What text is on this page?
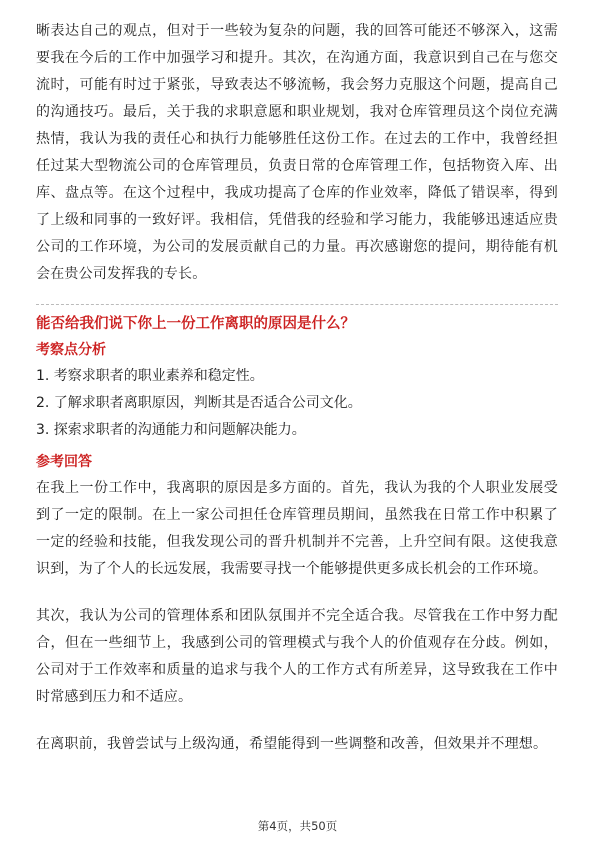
晰表达自己的观点，但对于一些较为复杂的问题，我的回答可能还不够深入，这需要我在今后的工作中加强学习和提升。其次，在沟通方面，我意识到自己在与您交流时，可能有时过于紧张，导致表达不够流畅，我会努力克服这个问题，提高自己的沟通技巧。最后，关于我的求职意愿和职业规划，我对仓库管理员这个岗位充满热情，我认为我的责任心和执行力能够胜任这份工作。在过去的工作中，我曾经担任过某大型物流公司的仓库管理员，负责日常的仓库管理工作，包括物资入库、出库、盘点等。在这个过程中，我成功提高了仓库的作业效率，降低了错误率，得到了上级和同事的一致好评。我相信，凭借我的经验和学习能力，我能够迅速适应贵公司的工作环境，为公司的发展贡献自己的力量。再次感谢您的提问，期待能有机会在贵公司发挥我的专长。

能否给我们说下你上一份工作离职的原因是什么？

考察点分析

1. 考察求职者的职业素养和稳定性。

2. 了解求职者离职原因，判断其是否适合公司文化。

3. 探索求职者的沟通能力和问题解决能力。

参考回答

在我上一份工作中，我离职的原因是多方面的。首先，我认为我的个人职业发展受到了一定的限制。在上一家公司担任仓库管理员期间，虽然我在日常工作中积累了一定的经验和技能，但我发现公司的晋升机制并不完善，上升空间有限。这使我意识到，为了个人的长远发展，我需要寻找一个能够提供更多成长机会的工作环境。

其次，我认为公司的管理体系和团队氛围并不完全适合我。尽管我在工作中努力配合，但在一些细节上，我感到公司的管理模式与我个人的价值观存在分歧。例如，公司对于工作效率和质量的追求与我个人的工作方式有所差异，这导致我在工作中时常感到压力和不适应。

在离职前，我曾尝试与上级沟通，希望能得到一些调整和改善，但效果并不理想。

第4页，共50页
